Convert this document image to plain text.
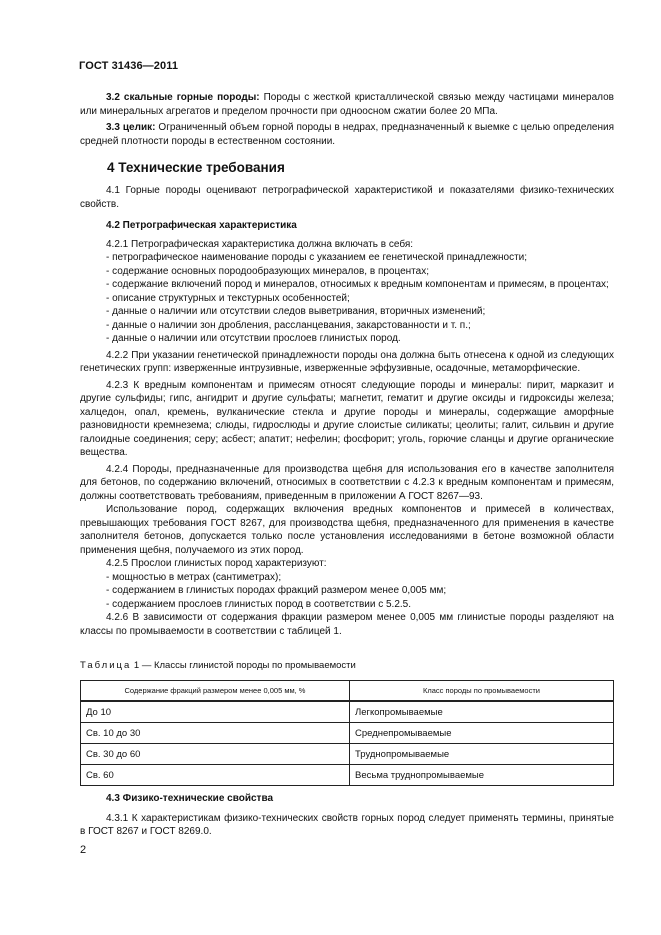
ГОСТ 31436—2011

3.2 скальные горные породы: Породы с жесткой кристаллической связью между частицами минералов или минеральных агрегатов и пределом прочности при одноосном сжатии более 20 МПа.

3.3 целик: Ограниченный объем горной породы в недрах, предназначенный к выемке с целью определения средней плотности породы в естественном состоянии.

4 Технические требования

4.1 Горные породы оценивают петрографической характеристикой и показателями физико-технических свойств.

4.2 Петрографическая характеристика

4.2.1 Петрографическая характеристика должна включать в себя:

- петрографическое наименование породы с указанием ее генетической принадлежности;

- содержание основных породообразующих минералов, в процентах;

- содержание включений пород и минералов, относимых к вредным компонентам и примесям, в процентах;

- описание структурных и текстурных особенностей;

- данные о наличии или отсутствии следов выветривания, вторичных изменений;

- данные о наличии зон дробления, рассланцевания, закарстованности и т. п.;

- данные о наличии или отсутствии прослоев глинистых пород.

4.2.2 При указании генетической принадлежности породы она должна быть отнесена к одной из следующих генетических групп: изверженные интрузивные, изверженные эффузивные, осадочные, метаморфические.

4.2.3 К вредным компонентам и примесям относят следующие породы и минералы: пирит, марказит и другие сульфиды; гипс, ангидрит и другие сульфаты; магнетит, гематит и другие оксиды и гидроксиды железа; халцедон, опал, кремень, вулканические стекла и другие породы и минералы, содержащие аморфные разновидности кремнезема; слюды, гидрослюды и другие слоистые силикаты; цеолиты; галит, сильвин и другие галоидные соединения; серу; асбест; апатит; нефелин; фосфорит; уголь, горючие сланцы и другие органические вещества.

4.2.4 Породы, предназначенные для производства щебня для использования его в качестве заполнителя для бетонов, по содержанию включений, относимых в соответствии с 4.2.3 к вредным компонентам и примесям, должны соответствовать требованиям, приведенным в приложении А ГОСТ 8267—93.

Использование пород, содержащих включения вредных компонентов и примесей в количествах, превышающих требования ГОСТ 8267, для производства щебня, предназначенного для применения в качестве заполнителя бетонов, допускается только после установления исследованиями в бетоне возможной области применения щебня, получаемого из этих пород.

4.2.5 Прослои глинистых пород характеризуют:

- мощностью в метрах (сантиметрах);

- содержанием в глинистых породах фракций размером менее 0,005 мм;

- содержанием прослоев глинистых пород в соответствии с 5.2.5.

4.2.6 В зависимости от содержания фракции размером менее 0,005 мм глинистые породы разделяют на классы по промываемости в соответствии с таблицей 1.

Таблица 1 — Классы глинистой породы по промываемости
Содержание фракций размером менее 0,005 мм, %	Класс породы по промываемости
До 10	Легкопромываемые
Св. 10 до 30	Среднепромываемые
Св. 30 до 60	Труднопромываемые
Св. 60	Весьма труднопромываемые

4.3 Физико-технические свойства

4.3.1 К характеристикам физико-технических свойств горных пород следует применять термины, принятые в ГОСТ 8267 и ГОСТ 8269.0.

2
